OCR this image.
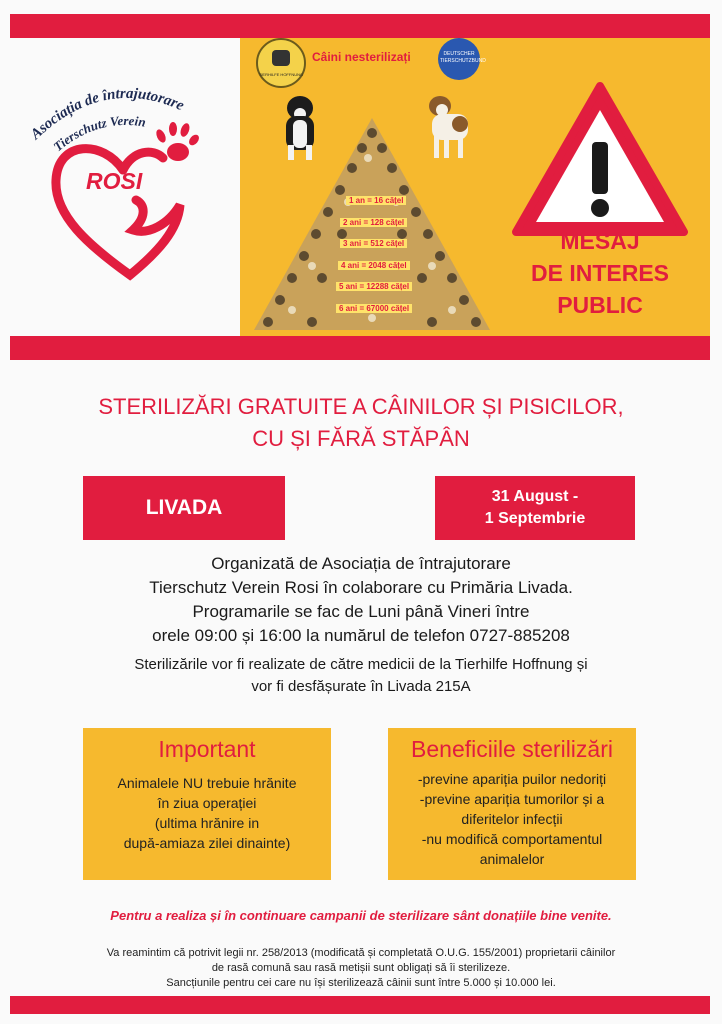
Asociația de întrajutorare
Tierschutz Verein
ROSI
TIERHILFE HOFFNUNG
Câini nesterilizați	DEUTSCHER TIERSCHUTZBUND
1 an = 16 cățel
2 ani = 128 cățel
3 ani = 512 cățel
4 ani = 2048 cățel
5 ani = 12288 cățel
6 ani = 67000 cățel
MESAJ
DE INTERES
PUBLIC
STERILIZĂRI GRATUITE A CÂINILOR ȘI PISICILOR,
CU ȘI FĂRĂ STĂPÂN
LIVADA	31 August -
1 Septembrie
Organizată de Asociația de întrajutorare
Tierschutz Verein Rosi în colaborare cu Primăria Livada.
Programarile se fac de Luni până Vineri între
orele 09:00 și 16:00 la numărul de telefon 0727-885208
Sterilizările vor fi realizate de către medicii de la Tierhilfe Hoffnung și
vor fi desfășurate în Livada 215A
Important
Animalele NU trebuie hrănite
în ziua operației
(ultima hrănire in
după-amiaza zilei dinainte)
Beneficiile sterilizări
-previne apariția puilor nedoriți
-previne apariția tumorilor și a
diferitelor infecții
-nu modifică comportamentul
animalelor
Pentru a realiza și în continuare campanii de sterilizare sânt donațiile bine venite.
Va reamintim că potrivit legii nr. 258/2013 (modificată și completată O.U.G. 155/2001) proprietarii câinilor
de rasă comună sau rasă metișii sunt obligați să îi sterilizeze.
Sancțiunile pentru cei care nu își sterilizează câinii sunt între 5.000 și 10.000 lei.
